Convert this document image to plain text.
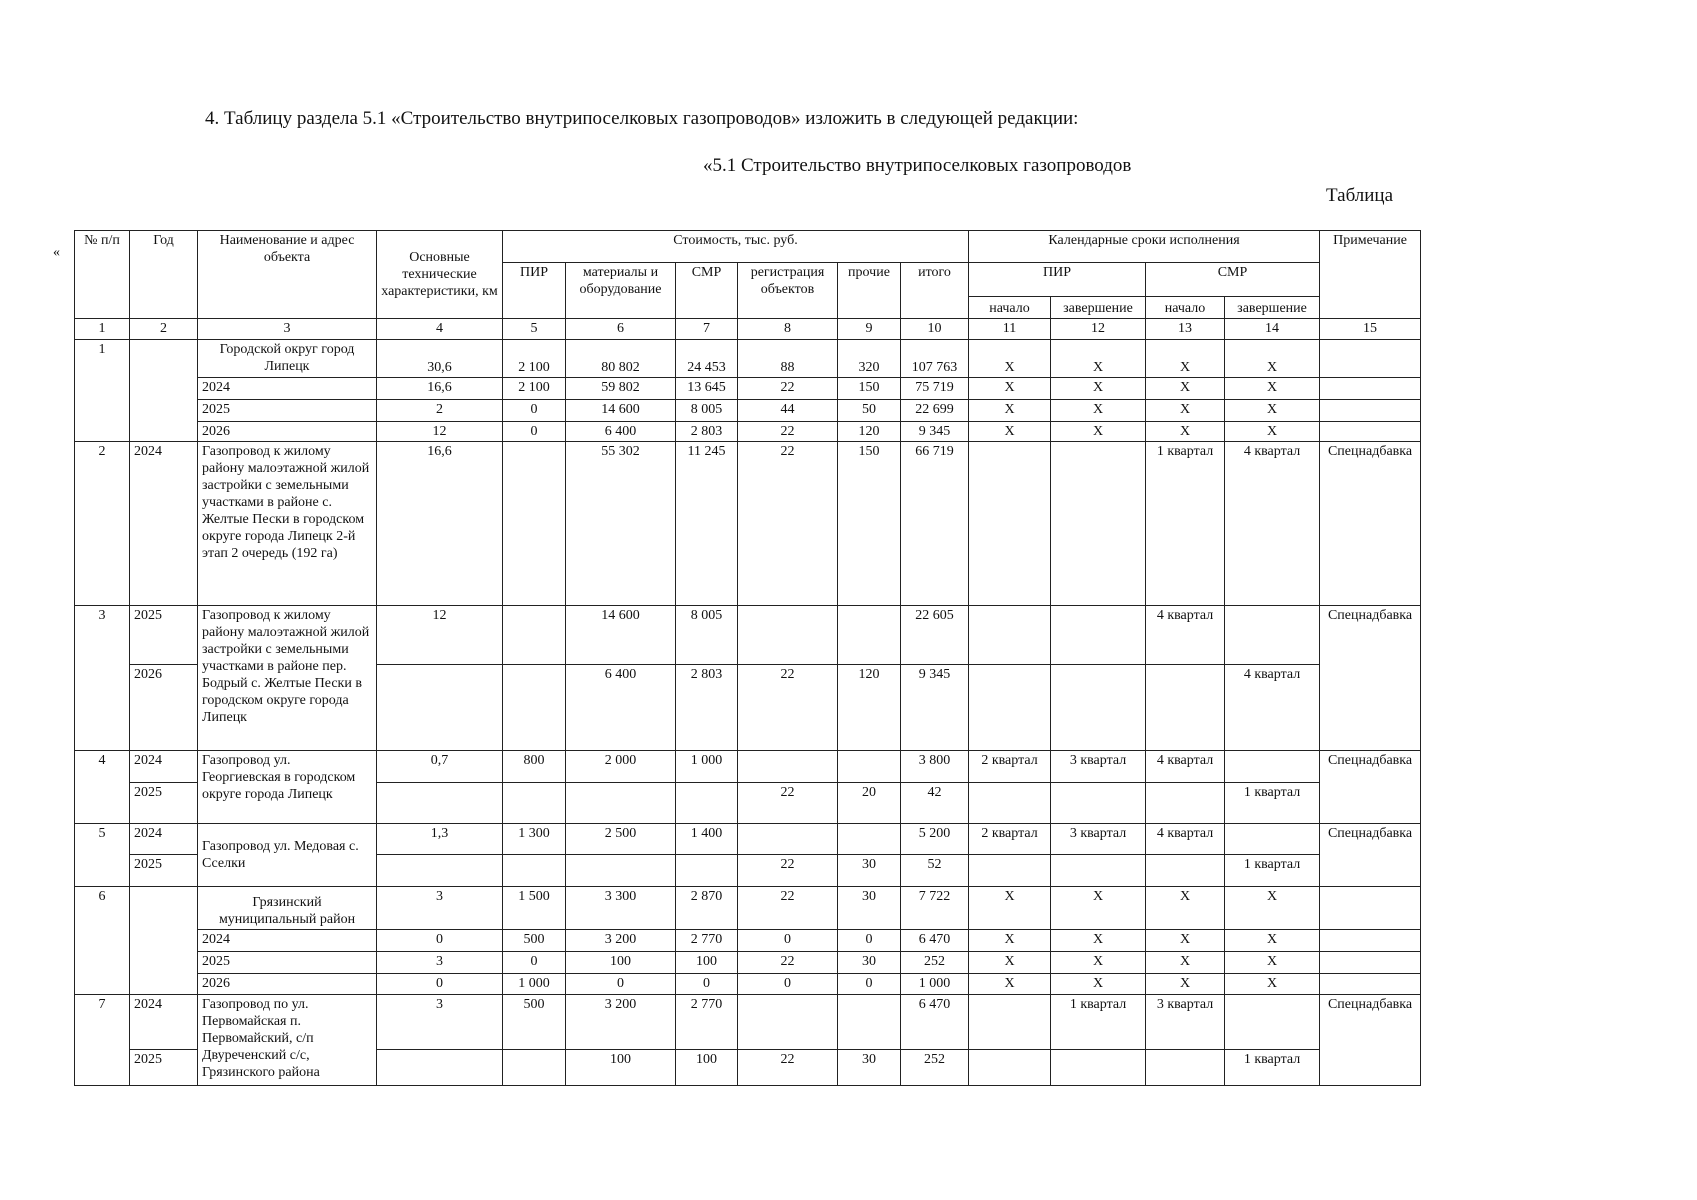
4. Таблицу раздела 5.1 «Строительство внутрипоселковых газопроводов» изложить в следующей редакции:
«5.1 Строительство внутрипоселковых газопроводов
Таблица
«
№ п/п	Год	Наименование и адрес объекта	Основные технические характеристики, км	Стоимость, тыс. руб.						Календарные сроки исполнения				Примечание
				ПИР	материалы и оборудование	СМР	регистрация объектов	прочие	итого	ПИР		СМР		
										начало	завершение	начало	завершение	
1	2	3	4	5	6	7	8	9	10	11	12	13	14	15
1		Городской округ город Липецк	30,6	2 100	80 802	24 453	88	320	107 763	X	X	X	X	
		2024	16,6	2 100	59 802	13 645	22	150	75 719	X	X	X	X	
		2025	2	0	14 600	8 005	44	50	22 699	X	X	X	X	
		2026	12	0	6 400	2 803	22	120	9 345	X	X	X	X	
2	2024	Газопровод к жилому району малоэтажной жилой застройки с земельными участками в районе с. Желтые Пески в городском округе города Липецк 2-й этап 2 очередь (192 га)	16,6		55 302	11 245	22	150	66 719			1 квартал	4 квартал	Спецнадбавка
3	2025	Газопровод к жилому району малоэтажной жилой застройки с земельными участками в районе пер. Бодрый с. Желтые Пески в городском округе города Липецк	12		14 600	8 005			22 605			4 квартал		Спецнадбавка
	2026				6 400	2 803	22	120	9 345				4 квартал	
4	2024	Газопровод ул. Георгиевская в городском округе города Липецк	0,7	800	2 000	1 000			3 800	2 квартал	3 квартал	4 квартал		Спецнадбавка
	2025						22	20	42				1 квартал	
5	2024	Газопровод ул. Медовая с. Сселки	1,3	1 300	2 500	1 400			5 200	2 квартал	3 квартал	4 квартал		Спецнадбавка
	2025						22	30	52				1 квартал	
6		Грязинский муниципальный район	3	1 500	3 300	2 870	22	30	7 722	X	X	X	X	
		2024	0	500	3 200	2 770	0	0	6 470	X	X	X	X	
		2025	3	0	100	100	22	30	252	X	X	X	X	
		2026	0	1 000	0	0	0	0	1 000	X	X	X	X	
7	2024	Газопровод по ул. Первомайская п. Первомайский, с/п Двуреченский с/с, Грязинского района	3	500	3 200	2 770			6 470		1 квартал	3 квартал		Спецнадбавка
	2025				100	100	22	30	252				1 квартал	
